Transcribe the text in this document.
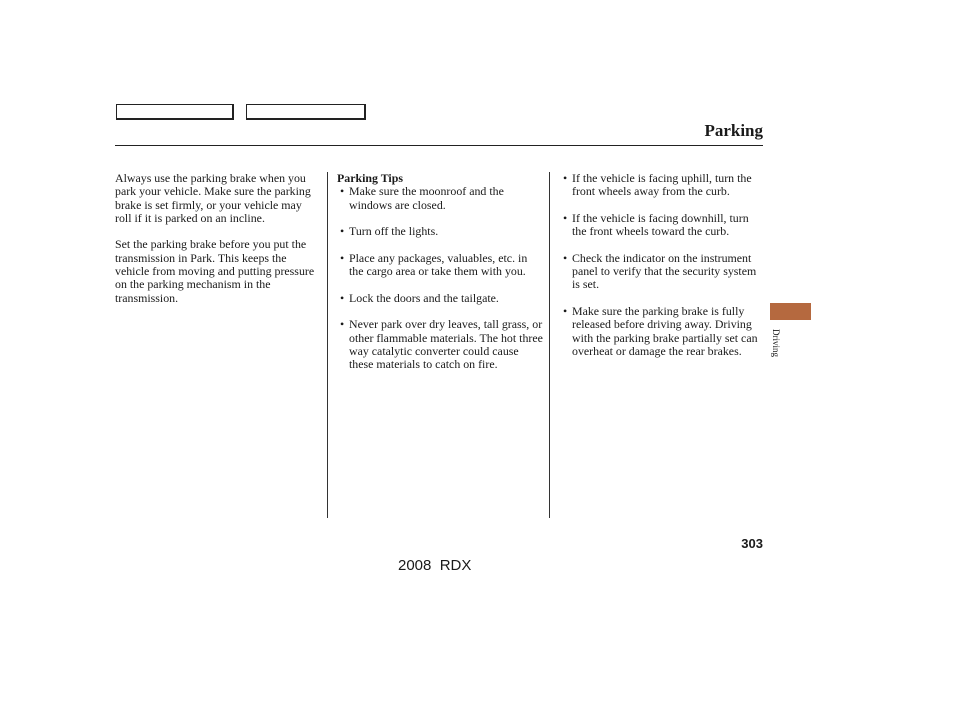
Parking

Always use the parking brake when you park your vehicle. Make sure the parking brake is set firmly, or your vehicle may roll if it is parked on an incline.

Set the parking brake before you put the transmission in Park. This keeps the vehicle from moving and putting pressure on the parking mechanism in the transmission.

Parking Tips

• Make sure the moonroof and the windows are closed.
• Turn off the lights.
• Place any packages, valuables, etc. in the cargo area or take them with you.
• Lock the doors and the tailgate.
• Never park over dry leaves, tall grass, or other flammable materials. The hot three way catalytic converter could cause these materials to catch on fire.
• If the vehicle is facing uphill, turn the front wheels away from the curb.
• If the vehicle is facing downhill, turn the front wheels toward the curb.
• Check the indicator on the instrument panel to verify that the security system is set.
• Make sure the parking brake is fully released before driving away. Driving with the parking brake partially set can overheat or damage the rear brakes.	Driving
303
2008  RDX
